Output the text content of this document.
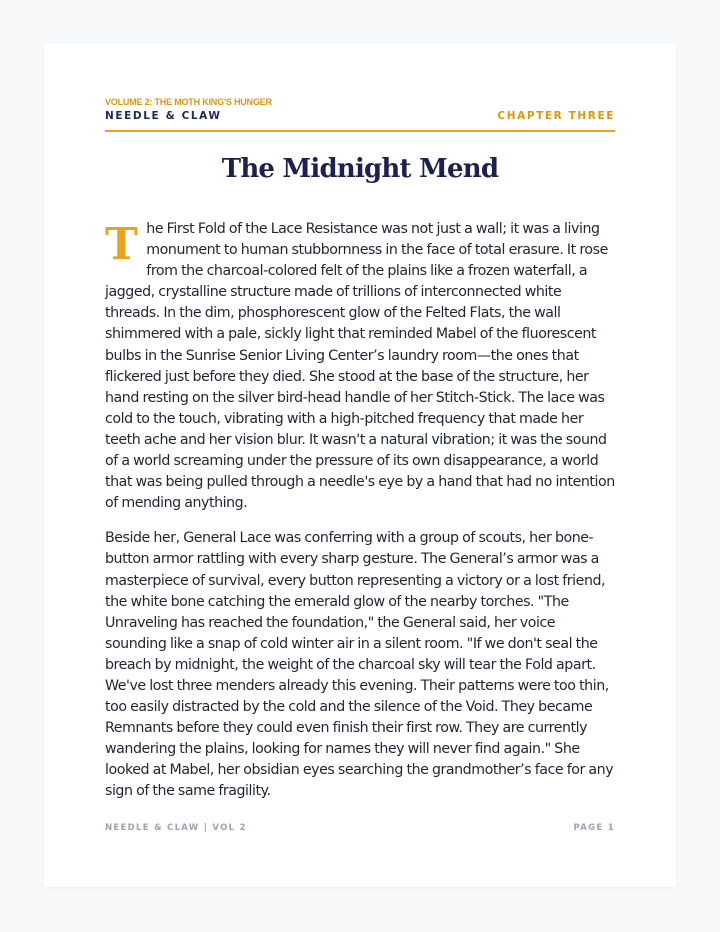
VOLUME 2: THE MOTH KING'S HUNGER
NEEDLE & CLAW	CHAPTER THREE
The Midnight Mend

The First Fold of the Lace Resistance was not just a wall; it was a living monument to human stubbornness in the face of total erasure. It rose from the charcoal-colored felt of the plains like a frozen waterfall, a jagged, crystalline structure made of trillions of interconnected white threads. In the dim, phosphorescent glow of the Felted Flats, the wall shimmered with a pale, sickly light that reminded Mabel of the fluorescent bulbs in the Sunrise Senior Living Center’s laundry room—the ones that flickered just before they died. She stood at the base of the structure, her hand resting on the silver bird-head handle of her Stitch-Stick. The lace was cold to the touch, vibrating with a high-pitched frequency that made her teeth ache and her vision blur. It wasn't a natural vibration; it was the sound of a world screaming under the pressure of its own disappearance, a world that was being pulled through a needle's eye by a hand that had no intention of mending anything.

Beside her, General Lace was conferring with a group of scouts, her bone-button armor rattling with every sharp gesture. The General’s armor was a masterpiece of survival, every button representing a victory or a lost friend, the white bone catching the emerald glow of the nearby torches. "The Unraveling has reached the foundation," the General said, her voice sounding like a snap of cold winter air in a silent room. "If we don't seal the breach by midnight, the weight of the charcoal sky will tear the Fold apart. We've lost three menders already this evening. Their patterns were too thin, too easily distracted by the cold and the silence of the Void. They became Remnants before they could even finish their first row. They are currently wandering the plains, looking for names they will never find again." She looked at Mabel, her obsidian eyes searching the grandmother’s face for any sign of the same fragility.

NEEDLE & CLAW | VOL 2	PAGE 1
